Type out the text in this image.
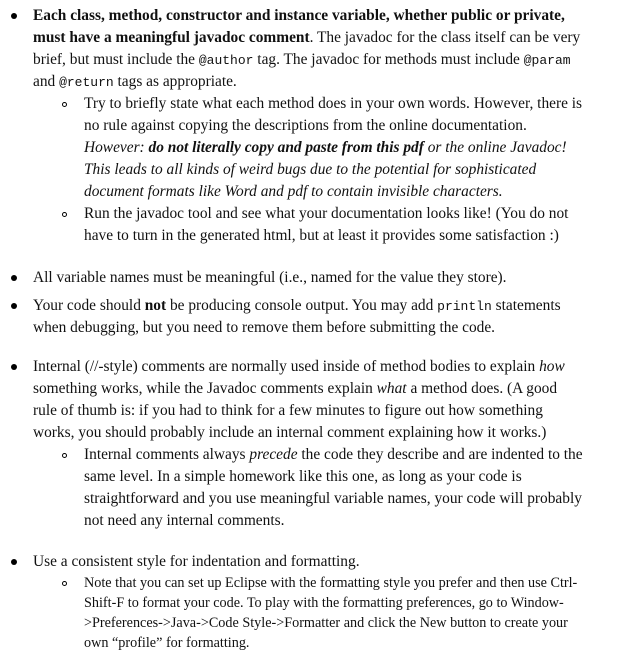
Each class, method, constructor and instance variable, whether public or private,
must have a meaningful javadoc comment. The javadoc for the class itself can be very
brief, but must include the @author tag. The javadoc for methods must include @param
and @return tags as appropriate.
Try to briefly state what each method does in your own words. However, there is
no rule against copying the descriptions from the online documentation.
However: do not literally copy and paste from this pdf or the online Javadoc!
This leads to all kinds of weird bugs due to the potential for sophisticated
document formats like Word and pdf to contain invisible characters.
Run the javadoc tool and see what your documentation looks like! (You do not
have to turn in the generated html, but at least it provides some satisfaction :)
All variable names must be meaningful (i.e., named for the value they store).
Your code should not be producing console output. You may add println statements
when debugging, but you need to remove them before submitting the code.
Internal (//-style) comments are normally used inside of method bodies to explain how
something works, while the Javadoc comments explain what a method does. (A good
rule of thumb is: if you had to think for a few minutes to figure out how something
works, you should probably include an internal comment explaining how it works.)
Internal comments always precede the code they describe and are indented to the
same level. In a simple homework like this one, as long as your code is
straightforward and you use meaningful variable names, your code will probably
not need any internal comments.
Use a consistent style for indentation and formatting.
Note that you can set up Eclipse with the formatting style you prefer and then use Ctrl-
Shift-F to format your code. To play with the formatting preferences, go to Window-
>Preferences->Java->Code Style->Formatter and click the New button to create your
own “profile” for formatting.
